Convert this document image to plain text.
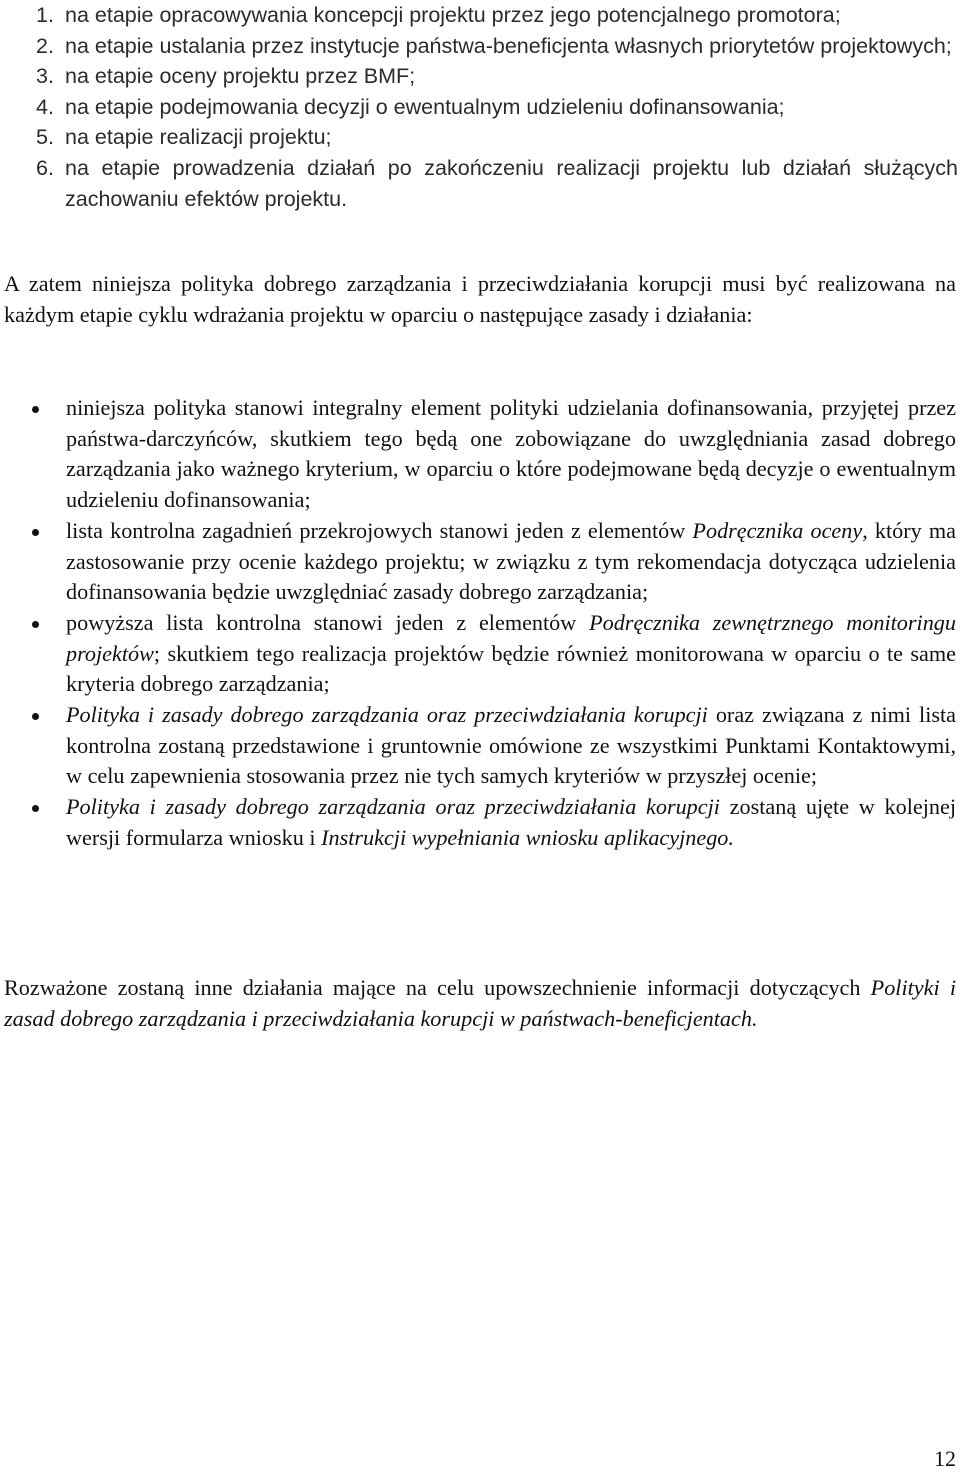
1. na etapie opracowywania koncepcji projektu przez jego potencjalnego promotora;
2. na etapie ustalania przez instytucje państwa-beneficjenta własnych priorytetów projektowych;
3. na etapie oceny projektu przez BMF;
4. na etapie podejmowania decyzji o ewentualnym udzieleniu dofinansowania;
5. na etapie realizacji projektu;
6. na etapie prowadzenia działań po zakończeniu realizacji projektu lub działań służących zachowaniu efektów projektu.

A zatem niniejsza polityka dobrego zarządzania i przeciwdziałania korupcji musi być realizowana na każdym etapie cyklu wdrażania projektu w oparciu o następujące zasady i działania:

niniejsza polityka stanowi integralny element polityki udzielania dofinansowania, przyjętej przez państwa-darczyńców, skutkiem tego będą one zobowiązane do uwzględniania zasad dobrego zarządzania jako ważnego kryterium, w oparciu o które podejmowane będą decyzje o ewentualnym udzieleniu dofinansowania;
lista kontrolna zagadnień przekrojowych stanowi jeden z elementów Podręcznika oceny, który ma zastosowanie przy ocenie każdego projektu; w związku z tym rekomendacja dotycząca udzielenia dofinansowania będzie uwzględniać zasady dobrego zarządzania;
powyższa lista kontrolna stanowi jeden z elementów Podręcznika zewnętrznego monitoringu projektów; skutkiem tego realizacja projektów będzie również monitorowana w oparciu o te same kryteria dobrego zarządzania;
Polityka i zasady dobrego zarządzania oraz przeciwdziałania korupcji oraz związana z nimi lista kontrolna zostaną przedstawione i gruntownie omówione ze wszystkimi Punktami Kontaktowymi, w celu zapewnienia stosowania przez nie tych samych kryteriów w przyszłej ocenie;
Polityka i zasady dobrego zarządzania oraz przeciwdziałania korupcji zostaną ujęte w kolejnej wersji formularza wniosku i Instrukcji wypełniania wniosku aplikacyjnego.

Rozważone zostaną inne działania mające na celu upowszechnienie informacji dotyczących Polityki i zasad dobrego zarządzania i przeciwdziałania korupcji w państwach-beneficjentach.

12
